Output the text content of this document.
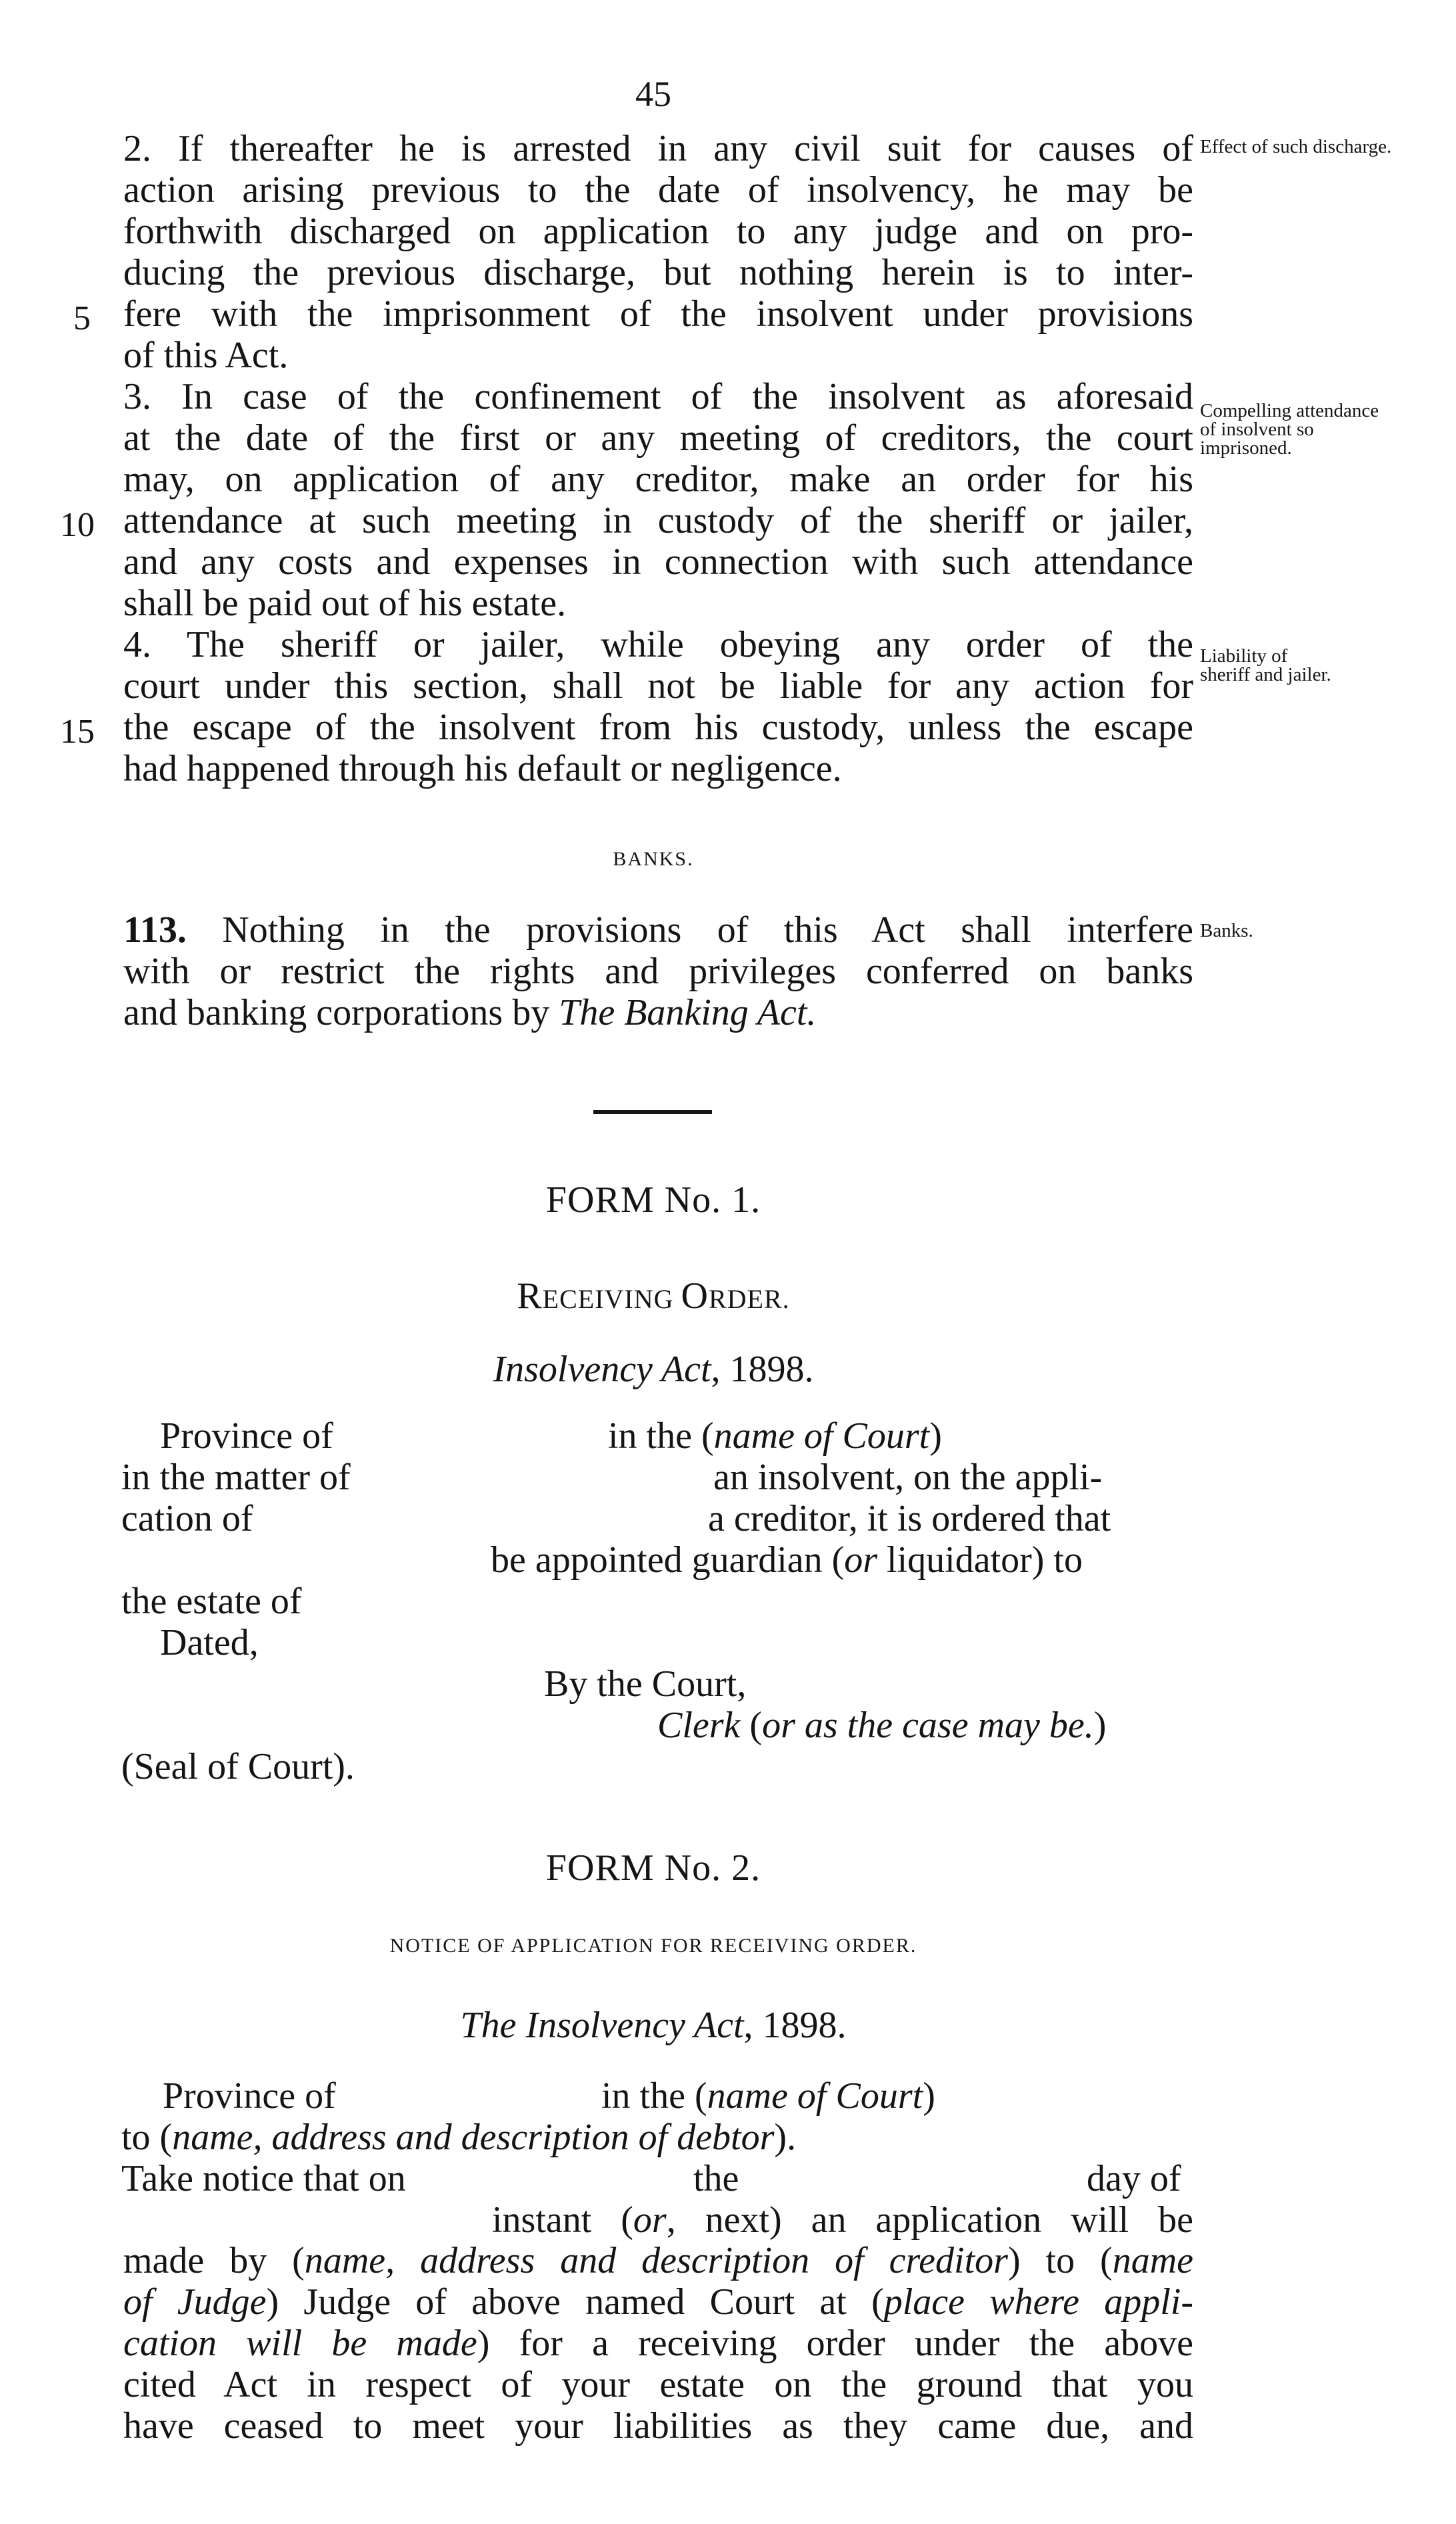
45
2. If thereafter he is arrested in any civil suit for causes of
action arising previous to the date of insolvency, he may be
forthwith discharged on application to any judge and on pro-
ducing the previous discharge, but nothing herein is to inter-
fere with the imprisonment of the insolvent under provisions
of this Act.
Effect of such discharge.
5
3. In case of the confinement of the insolvent as aforesaid
at the date of the first or any meeting of creditors, the court
may, on application of any creditor, make an order for his
attendance at such meeting in custody of the sheriff or jailer,
and any costs and expenses in connection with such attendance
shall be paid out of his estate.
Compelling attendance of insolvent so imprisoned.
10
4. The sheriff or jailer, while obeying any order of the
court under this section, shall not be liable for any action for
the escape of the insolvent from his custody, unless the escape
had happened through his default or negligence.
Liability of sheriff and jailer.
15
BANKS.
113. Nothing in the provisions of this Act shall interfere
with or restrict the rights and privileges conferred on banks
and banking corporations by The Banking Act.
Banks.
FORM No. 1.
RECEIVING ORDER.
Insolvency Act, 1898.
Province of	in the (name of Court)
in the matter of	an insolvent, on the appli-
cation of	a creditor, it is ordered that
be appointed guardian (or liquidator) to
the estate of
Dated,
By the Court,
Clerk (or as the case may be.)
(Seal of Court).
FORM No. 2.
NOTICE OF APPLICATION FOR RECEIVING ORDER.
The Insolvency Act, 1898.
Province of	in the (name of Court)
to (name, address and description of debtor).
Take notice that on	the	day of
instant (or, next) an application will be
made by (name, address and description of creditor) to (name
of Judge) Judge of above named Court at (place where appli-
cation will be made) for a receiving order under the above
cited Act in respect of your estate on the ground that you
have ceased to meet your liabilities as they came due, and
